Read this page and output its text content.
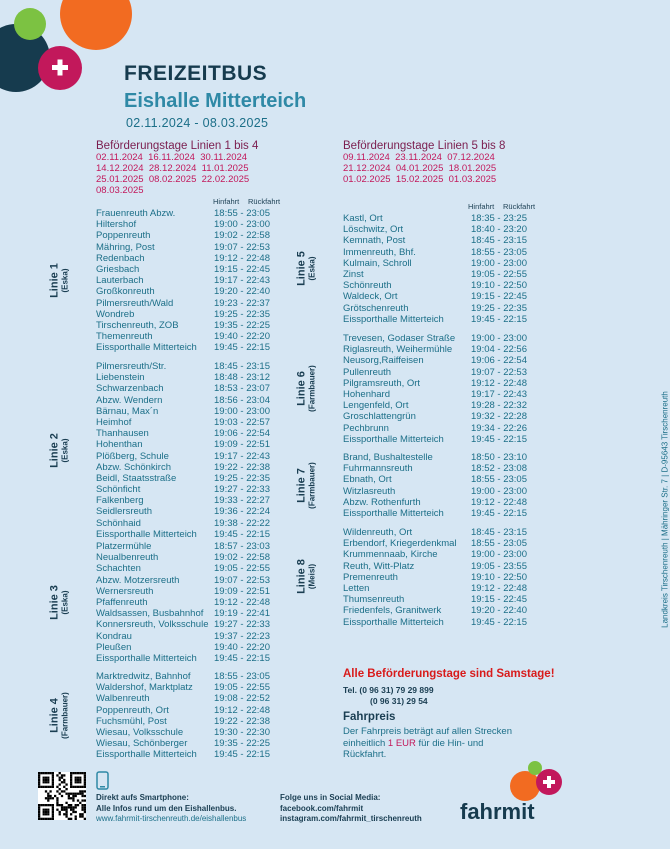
FREIZEITBUS
Eishalle Mitterteich
02.11.2024 - 08.03.2025
Beförderungstage Linien 1 bis 4
02.11.2024  16.11.2024  30.11.2024
14.12.2024  28.12.2024  11.01.2025
25.01.2025  08.02.2025  22.02.2025
08.03.2025
Beförderungstage Linien 5 bis 8
09.11.2024  23.11.2024  07.12.2024
21.12.2024  04.01.2025  18.01.2025
01.02.2025  15.02.2025  01.03.2025
Hinfahrt Rückfahrt
Hinfahrt Rückfahrt
Frauenreuth Abzw.	18:55 - 23:05
Hiltershof	19:00 - 23:00
Poppenreuth	19:02 - 22:58
Mähring, Post	19:07 - 22:53
Redenbach	19:12 - 22:48
Griesbach	19:15 - 22:45
Lauterbach	19:17 - 22:43
Großkonreuth	19:20 - 22:40
Pilmersreuth/Wald	19:23 - 22:37
Wondreb	19:25 - 22:35
Tirschenreuth, ZOB	19:35 - 22:25
Themenreuth	19:40 - 22:20
Eissporthalle Mitterteich 19:45 - 22:15
Linie 1 (Eska)
Pilmersreuth/Str.	18:45 - 23:15
Liebenstein	18:48 - 23:12
Schwarzenbach	18:53 - 23:07
Abzw. Wendern	18:56 - 23:04
Bärnau, Max´n	19:00 - 23:00
Heimhof	19:03 - 22:57
Thanhausen	19:06 - 22:54
Hohenthan	19:09 - 22:51
Plößberg, Schule	19:17 - 22:43
Abzw. Schönkirch	19:22 - 22:38
Beidl, Staatsstraße	19:25 - 22:35
Schönficht	19:27 - 22:33
Falkenberg	19:33 - 22:27
Seidlersreuth	19:36 - 22:24
Schönhaid	19:38 - 22:22
Eissporthalle Mitterteich 19:45 - 22:15
Linie 2 (Eska)
Platzermühle	18:57 - 23:03
Neualbenreuth	19:02 - 22:58
Schachten	19:05 - 22:55
Abzw. Motzersreuth	19:07 - 22:53
Wernersreuth	19:09 - 22:51
Pfaffenreuth	19:12 - 22:48
Waldsassen, Busbahnhof 19:19 - 22:41
Konnersreuth, Volksschule 19:27 - 22:33
Kondrau	19:37 - 22:23
Pleußen	19:40 - 22:20
Eissporthalle Mitterteich 19:45 - 22:15
Linie 3 (Eska)
Marktredwitz, Bahnhof 18:55 - 23:05
Waldershof, Marktplatz 19:05 - 22:55
Walbenreuth	19:08 - 22:52
Poppenreuth, Ort	19:12 - 22:48
Fuchsmühl, Post	19:22 - 22:38
Wiesau, Volksschule	19:30 - 22:30
Wiesau, Schönberger	19:35 - 22:25
Eissporthalle Mitterteich 19:45 - 22:15
Linie 4 (Farmbauer)
Kastl, Ort	18:35 - 23:25
Löschwitz, Ort	18:40 - 23:20
Kemnath, Post	18:45 - 23:15
Immenreuth, Bhf.	18:55 - 23:05
Kulmain, Schroll	19:00 - 23:00
Zinst	19:05 - 22:55
Schönreuth	19:10 - 22:50
Waldeck, Ort	19:15 - 22:45
Grötschenreuth	19:25 - 22:35
Eissporthalle Mitterteich	19:45 - 22:15
Linie 5 (Eska)
Trevesen, Godaser Straße 19:00 - 23:00
Riglasreuth, Weihermühle 19:04 - 22:56
Neusorg,Raiffeisen	19:06 - 22:54
Pullenreuth	19:07 - 22:53
Pilgramsreuth, Ort	19:12 - 22:48
Hohenhard	19:17 - 22:43
Lengenfeld, Ort	19:28 - 22:32
Groschlattengrün	19:32 - 22:28
Pechbrunn	19:34 - 22:26
Eissporthalle Mitterteich	19:45 - 22:15
Linie 6 (Farmbauer)
Brand, Bushaltestelle	18:50 - 23:10
Fuhrmannsreuth	18:52 - 23:08
Ebnath, Ort	18:55 - 23:05
Witzlasreuth	19:00 - 23:00
Abzw. Rothenfurth	19:12 - 22:48
Eissporthalle Mitterteich	19:45 - 22:15
Linie 7 (Farmbauer)
Wildenreuth, Ort	18:45 - 23:15
Erbendorf, Kriegerdenkmal 18:55 - 23:05
Krummennaab, Kirche	19:00 - 23:00
Reuth, Witt-Platz	19:05 - 23:55
Premenreuth	19:10 - 22:50
Letten	19:12 - 22:48
Thumsenreuth	19:15 - 22:45
Friedenfels, Granitwerk	19:20 - 22:40
Eissporthalle Mitterteich	19:45 - 22:15
Linie 8 (Meisl)
Alle Beförderungstage sind Samstage!
Tel. (0 96 31) 79 29 899
(0 96 31) 29 54
Fahrpreis
Der Fahrpreis beträgt auf allen Strecken einheitlich 1 EUR für die Hin- und Rückfahrt.
Landkreis Tirschenreuth | Mähringer Str. 7 | D-95643 Tirschenreuth
Direkt aufs Smartphone:
Alle Infos rund um den Eishallenbus.
www.fahrmit-tirschenreuth.de/eishallenbus
Folge uns in Social Media:
facebook.com/fahrmit
instagram.com/fahrmit_tirschenreuth fahrmit
